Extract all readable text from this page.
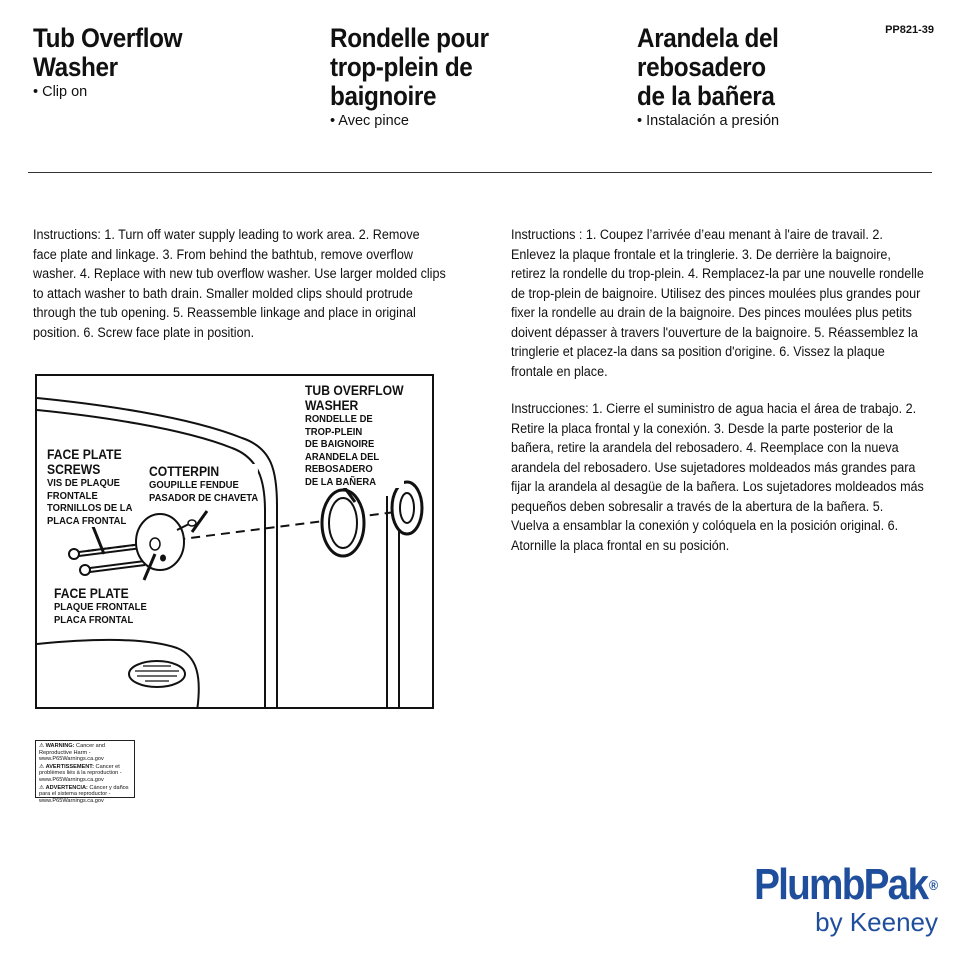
Tub Overflow
Washer
• Clip on
Rondelle pour
trop-plein de
baignoire
• Avec pince
Arandela del
rebosadero
de la bañera
• Instalación a presión
PP821-39
Instructions: 1. Turn off water supply leading to work area. 2. Remove face plate and linkage. 3. From behind the bathtub, remove overflow washer. 4. Replace with new tub overflow washer. Use larger molded clips to attach washer to bath drain. Smaller molded clips should protrude through the tub opening. 5. Reassemble linkage and place in original position. 6. Screw face plate in position.
Instructions : 1. Coupez l’arrivée d’eau menant à l'aire de travail. 2. Enlevez la plaque frontale et la tringlerie. 3. De derrière la baignoire, retirez la rondelle du trop-plein. 4. Remplacez-la par une nouvelle rondelle de trop-plein de baignoire. Utilisez des pinces moulées plus grandes pour fixer la rondelle au drain de la baignoire. Des pinces moulées plus petits doivent dépasser à travers l'ouverture de la baignoire. 5. Réassemblez la tringlerie et placez-la dans sa position d'origine. 6. Vissez la plaque frontale en place.
Instrucciones: 1. Cierre el suministro de agua hacia el área de trabajo. 2. Retire la placa frontal y la conexión. 3. Desde la parte posterior de la bañera, retire la arandela del rebosadero. 4. Reemplace con la nueva arandela del rebosadero. Use sujetadores moldeados más grandes para fijar la arandela al desagüe de la bañera. Los sujetadores moldeados más pequeños deben sobresalir a través de la abertura de la bañera. 5. Vuelva a ensamblar la conexión y colóquela en la posición original. 6. Atornille la placa frontal en su posición.
FACE PLATE
SCREWS
VIS DE PLAQUE
FRONTALE
TORNILLOS DE LA
PLACA FRONTAL
COTTERPIN
GOUPILLE FENDUE
PASADOR DE CHAVETA
TUB OVERFLOW
WASHER
RONDELLE DE
TROP-PLEIN
DE BAIGNOIRE
ARANDELA DEL
REBOSADERO
DE LA BAÑERA
FACE PLATE
PLAQUE FRONTALE
PLACA FRONTAL

⚠ WARNING: Cancer and Reproductive Harm - www.P65Warnings.ca.gov

⚠ AVERTISSEMENT: Cancer et problèmes liés à la reproduction - www.P65Warnings.ca.gov

⚠ ADVERTENCIA: Cáncer y daños para el sistema reproductor - www.P65Warnings.ca.gov

PlumbPak ®
by Keeney
